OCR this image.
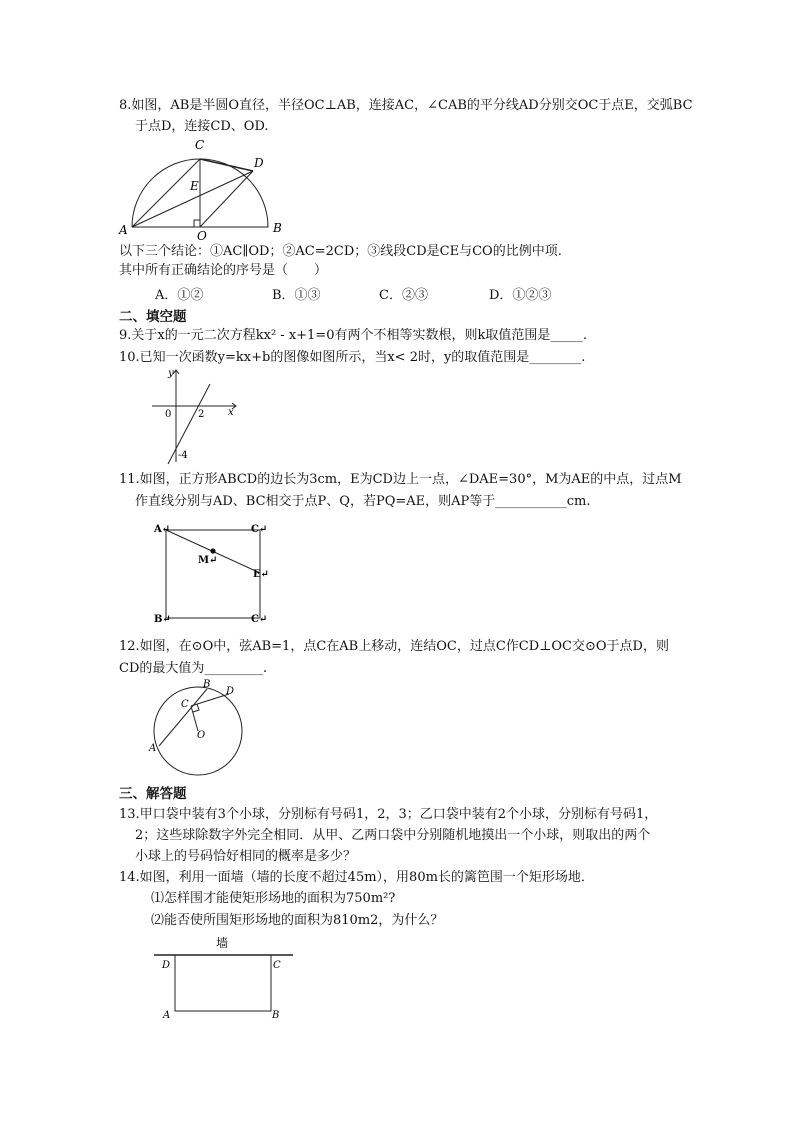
8.如图，AB是半圆O直径，半径OC⊥AB，连接AC，∠CAB的平分线AD分别交OC于点E，交弧BC
于点D，连接CD、OD.
A	B
C
D
E
O
以下三个结论：①AC∥OD；②AC=2CD；③线段CD是CE与CO的比例中项.
其中所有正确结论的序号是（　　）
A．①②	B．①③	C．②③	D．①②③
二、填空题
9.关于x的一元二次方程kx² - x+1=0有两个不相等实数根，则k取值范围是_____.
10.已知一次函数y=kx+b的图像如图所示，当x< 2时，y的取值范围是________.
y
x
0	2
-4
11.如图，正方形ABCD的边长为3cm，E为CD边上一点，∠DAE=30°，M为AE的中点，过点M
作直线分别与AD、BC相交于点P、Q，若PQ=AE，则AP等于___________cm.
A↵	C↵
C↵
B↵
M↵
E↵
12.如图，在⊙O中，弦AB=1，点C在AB上移动，连结OC，过点C作CD⊥OC交⊙O于点D，则
CD的最大值为_________.
A
B
C
D
O
三、解答题
13.甲口袋中装有3个小球，分别标有号码1，2，3；乙口袋中装有2个小球，分别标有号码1，
2；这些球除数字外完全相同．从甲、乙两口袋中分别随机地摸出一个小球，则取出的两个
小球上的号码恰好相同的概率是多少？
14.如图，利用一面墙（墙的长度不超过45m），用80m长的篱笆围一个矩形场地．
⑴怎样围才能使矩形场地的面积为750m²?
⑵能否使所围矩形场地的面积为810m2，为什么？
墙
D	C
A	B
